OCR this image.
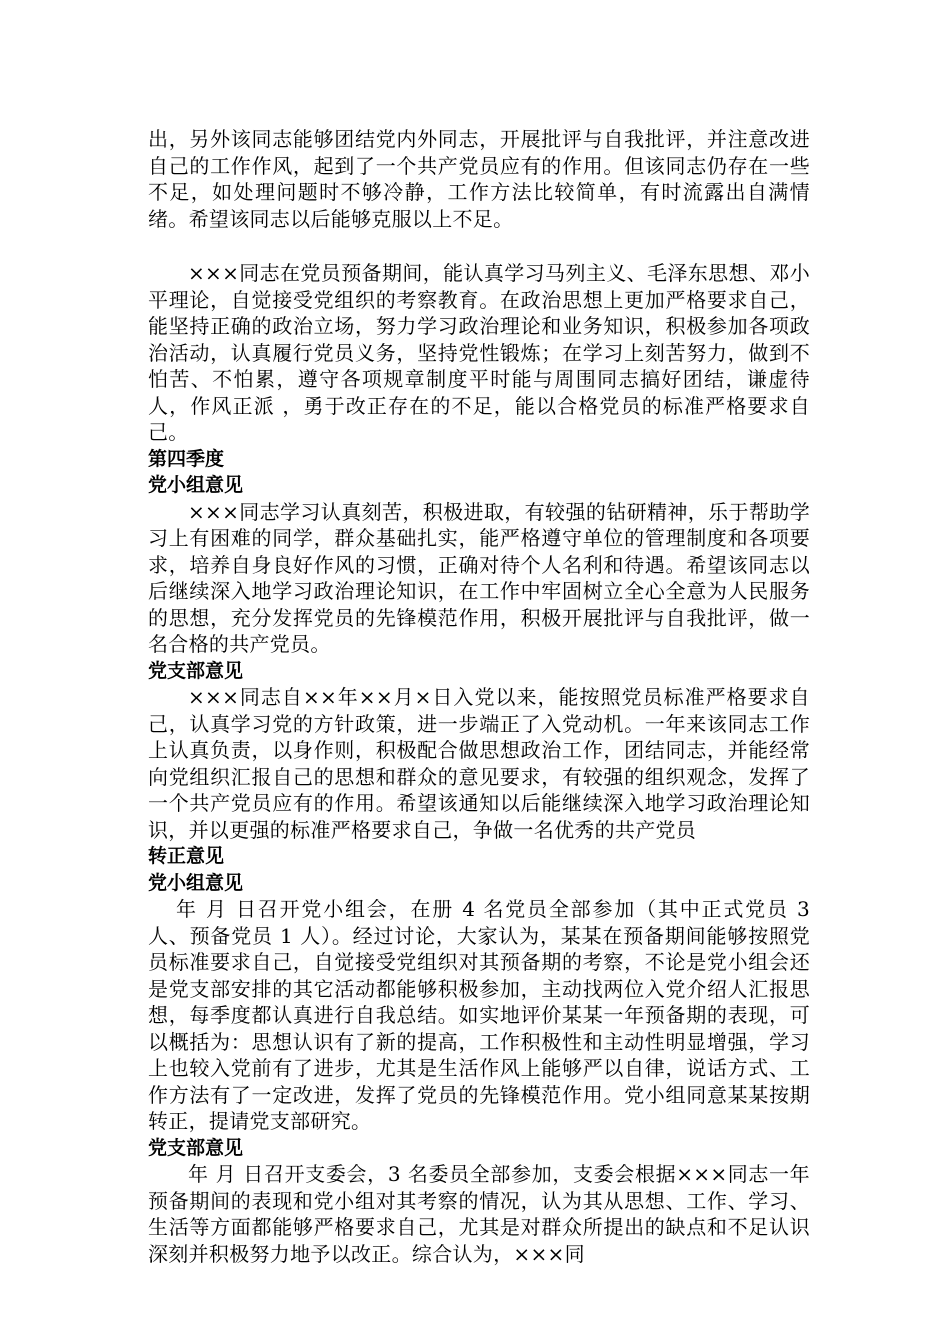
出，另外该同志能够团结党内外同志，开展批评与自我批评，并注意改进自己的工作作风，起到了一个共产党员应有的作用。但该同志仍存在一些不足，如处理问题时不够冷静，工作方法比较简单，有时流露出自满情绪。希望该同志以后能够克服以上不足。

×××同志在党员预备期间，能认真学习马列主义、毛泽东思想、邓小平理论，自觉接受党组织的考察教育。在政治思想上更加严格要求自己，能坚持正确的政治立场，努力学习政治理论和业务知识，积极参加各项政治活动，认真履行党员义务，坚持党性锻炼；在学习上刻苦努力，做到不怕苦、不怕累，遵守各项规章制度平时能与周围同志搞好团结，谦虚待人，作风正派 ，勇于改正存在的不足，能以合格党员的标准严格要求自己。

第四季度

党小组意见

×××同志学习认真刻苦，积极进取，有较强的钻研精神，乐于帮助学习上有困难的同学，群众基础扎实，能严格遵守单位的管理制度和各项要求，培养自身良好作风的习惯，正确对待个人名利和待遇。希望该同志以后继续深入地学习政治理论知识，在工作中牢固树立全心全意为人民服务的思想，充分发挥党员的先锋模范作用，积极开展批评与自我批评，做一名合格的共产党员。

党支部意见

×××同志自××年××月×日入党以来，能按照党员标准严格要求自己，认真学习党的方针政策，进一步端正了入党动机。一年来该同志工作上认真负责，以身作则，积极配合做思想政治工作，团结同志，并能经常向党组织汇报自己的思想和群众的意见要求，有较强的组织观念，发挥了一个共产党员应有的作用。希望该通知以后能继续深入地学习政治理论知识，并以更强的标准严格要求自己，争做一名优秀的共产党员

转正意见

党小组意见

年 月 日召开党小组会，在册 4 名党员全部参加（其中正式党员 3 人、预备党员 1 人）。经过讨论，大家认为，某某在预备期间能够按照党员标准要求自己，自觉接受党组织对其预备期的考察，不论是党小组会还是党支部安排的其它活动都能够积极参加，主动找两位入党介绍人汇报思想，每季度都认真进行自我总结。如实地评价某某一年预备期的表现，可以概括为：思想认识有了新的提高，工作积极性和主动性明显增强，学习上也较入党前有了进步，尤其是生活作风上能够严以自律，说话方式、工作方法有了一定改进，发挥了党员的先锋模范作用。党小组同意某某按期转正，提请党支部研究。

党支部意见

年 月 日召开支委会，3 名委员全部参加，支委会根据×××同志一年预备期间的表现和党小组对其考察的情况，认为其从思想、工作、学习、生活等方面都能够严格要求自己，尤其是对群众所提出的缺点和不足认识深刻并积极努力地予以改正。综合认为，×××同
